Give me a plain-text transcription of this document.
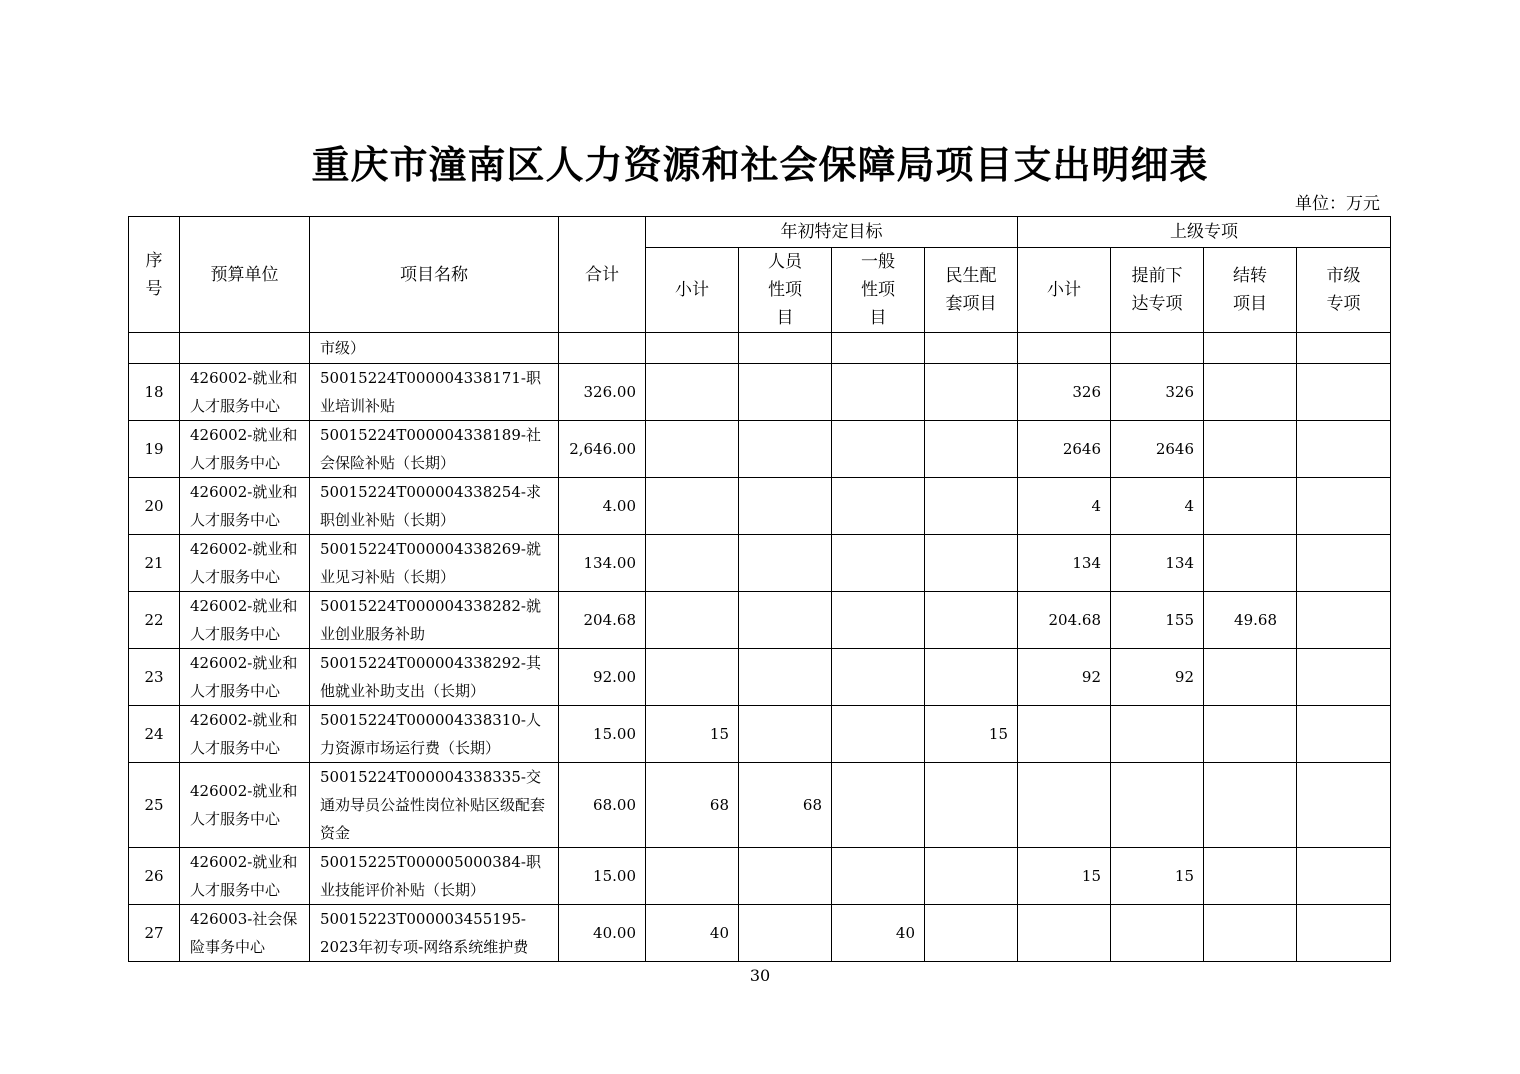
重庆市潼南区人力资源和社会保障局项目支出明细表
单位：万元
序号	预算单位	项目名称	合计	年初特定目标				上级专项			
				小计	人员性项目	一般性项目	民生配套项目	小计	提前下达专项	结转项目	市级专项
		市级）									
18	426002-就业和人才服务中心	50015224T000004338171-职业培训补贴	326.00					326	326		
19	426002-就业和人才服务中心	50015224T000004338189-社会保险补贴（长期）	2,646.00					2646	2646		
20	426002-就业和人才服务中心	50015224T000004338254-求职创业补贴（长期）	4.00					4	4		
21	426002-就业和人才服务中心	50015224T000004338269-就业见习补贴（长期）	134.00					134	134		
22	426002-就业和人才服务中心	50015224T000004338282-就业创业服务补助	204.68					204.68	155	49.68	
23	426002-就业和人才服务中心	50015224T000004338292-其他就业补助支出（长期）	92.00					92	92		
24	426002-就业和人才服务中心	50015224T000004338310-人力资源市场运行费（长期）	15.00	15			15				
25	426002-就业和人才服务中心	50015224T000004338335-交通劝导员公益性岗位补贴区级配套资金	68.00	68	68						
26	426002-就业和人才服务中心	50015225T000005000384-职业技能评价补贴（长期）	15.00					15	15		
27	426003-社会保险事务中心	50015223T000003455195-2023年初专项-网络系统维护费	40.00	40		40					
30
